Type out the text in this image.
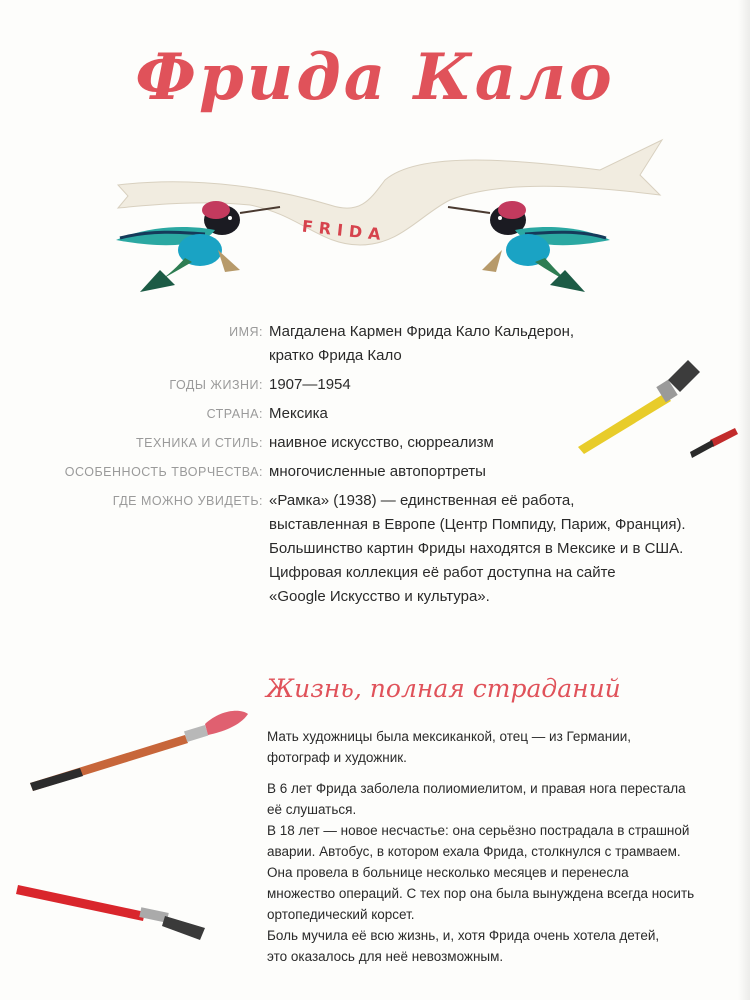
Фрида Кало
FRIDA
ИМЯ: Магдалена Кармен Фрида Кало Кальдерон,
кратко Фрида Кало
ГОДЫ ЖИЗНИ: 1907—1954
СТРАНА: Мексика
ТЕХНИКА И СТИЛЬ: наивное искусство, сюрреализм
ОСОБЕННОСТЬ ТВОРЧЕСТВА: многочисленные автопортреты
ГДЕ МОЖНО УВИДЕТЬ: «Рамка» (1938) — единственная её работа,
выставленная в Европе (Центр Помпиду, Париж, Франция).
Большинство картин Фриды находятся в Мексике и в США.
Цифровая коллекция её работ доступна на сайте
«Google Искусство и культура».
Жизнь, полная страданий

Мать художницы была мексиканкой, отец — из Германии,
фотограф и художник.

В 6 лет Фрида заболела полиомиелитом, и правая нога перестала
её слушаться.
В 18 лет — новое несчастье: она серьёзно пострадала в страшной
аварии. Автобус, в котором ехала Фрида, столкнулся с трамваем.
Она провела в больнице несколько месяцев и перенесла
множество операций. С тех пор она была вынуждена всегда носить
ортопедический корсет.
Боль мучила её всю жизнь, и, хотя Фрида очень хотела детей,
это оказалось для неё невозможным.
